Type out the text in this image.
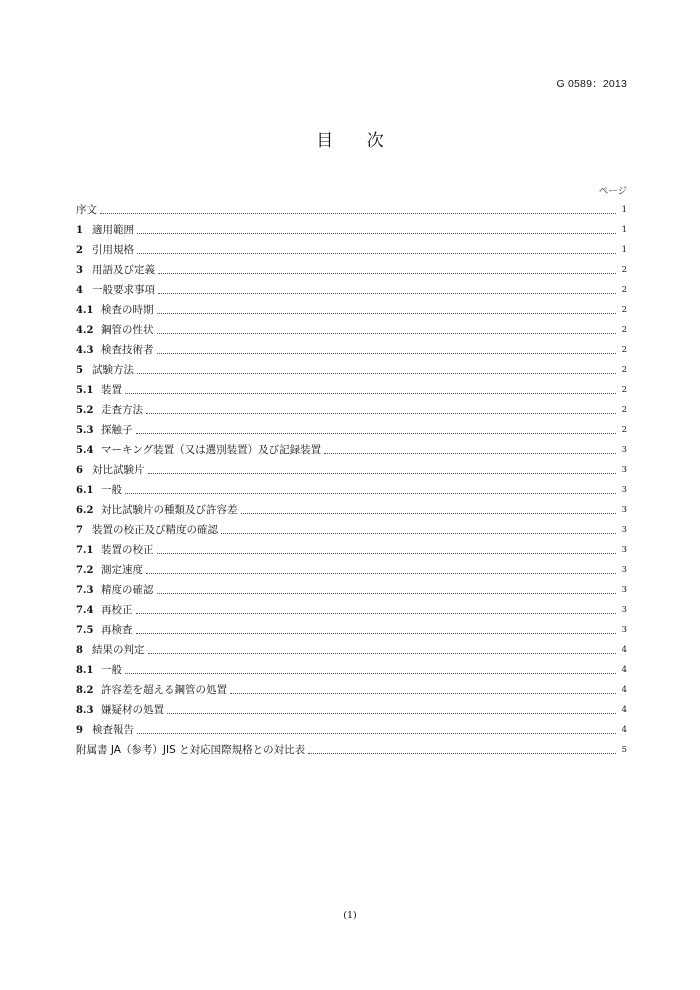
G 0589：2013
目 次
ページ
序文	1
1 適用範囲	1
2 引用規格	1
3 用語及び定義	2
4 一般要求事項	2
4.1 検査の時期	2
4.2 鋼管の性状	2
4.3 検査技術者	2
5 試験方法	2
5.1 装置	2
5.2 走査方法	2
5.3 探触子	2
5.4 マーキング装置（又は選別装置）及び記録装置	3
6 対比試験片	3
6.1 一般	3
6.2 対比試験片の種類及び許容差	3
7 装置の校正及び精度の確認	3
7.1 装置の校正	3
7.2 測定速度	3
7.3 精度の確認	3
7.4 再校正	3
7.5 再検査	3
8 結果の判定	4
8.1 一般	4
8.2 許容差を超える鋼管の処置	4
8.3 嫌疑材の処置	4
9 検査報告	4
附属書 JA（参考）JIS と対応国際規格との対比表	5
(1)
